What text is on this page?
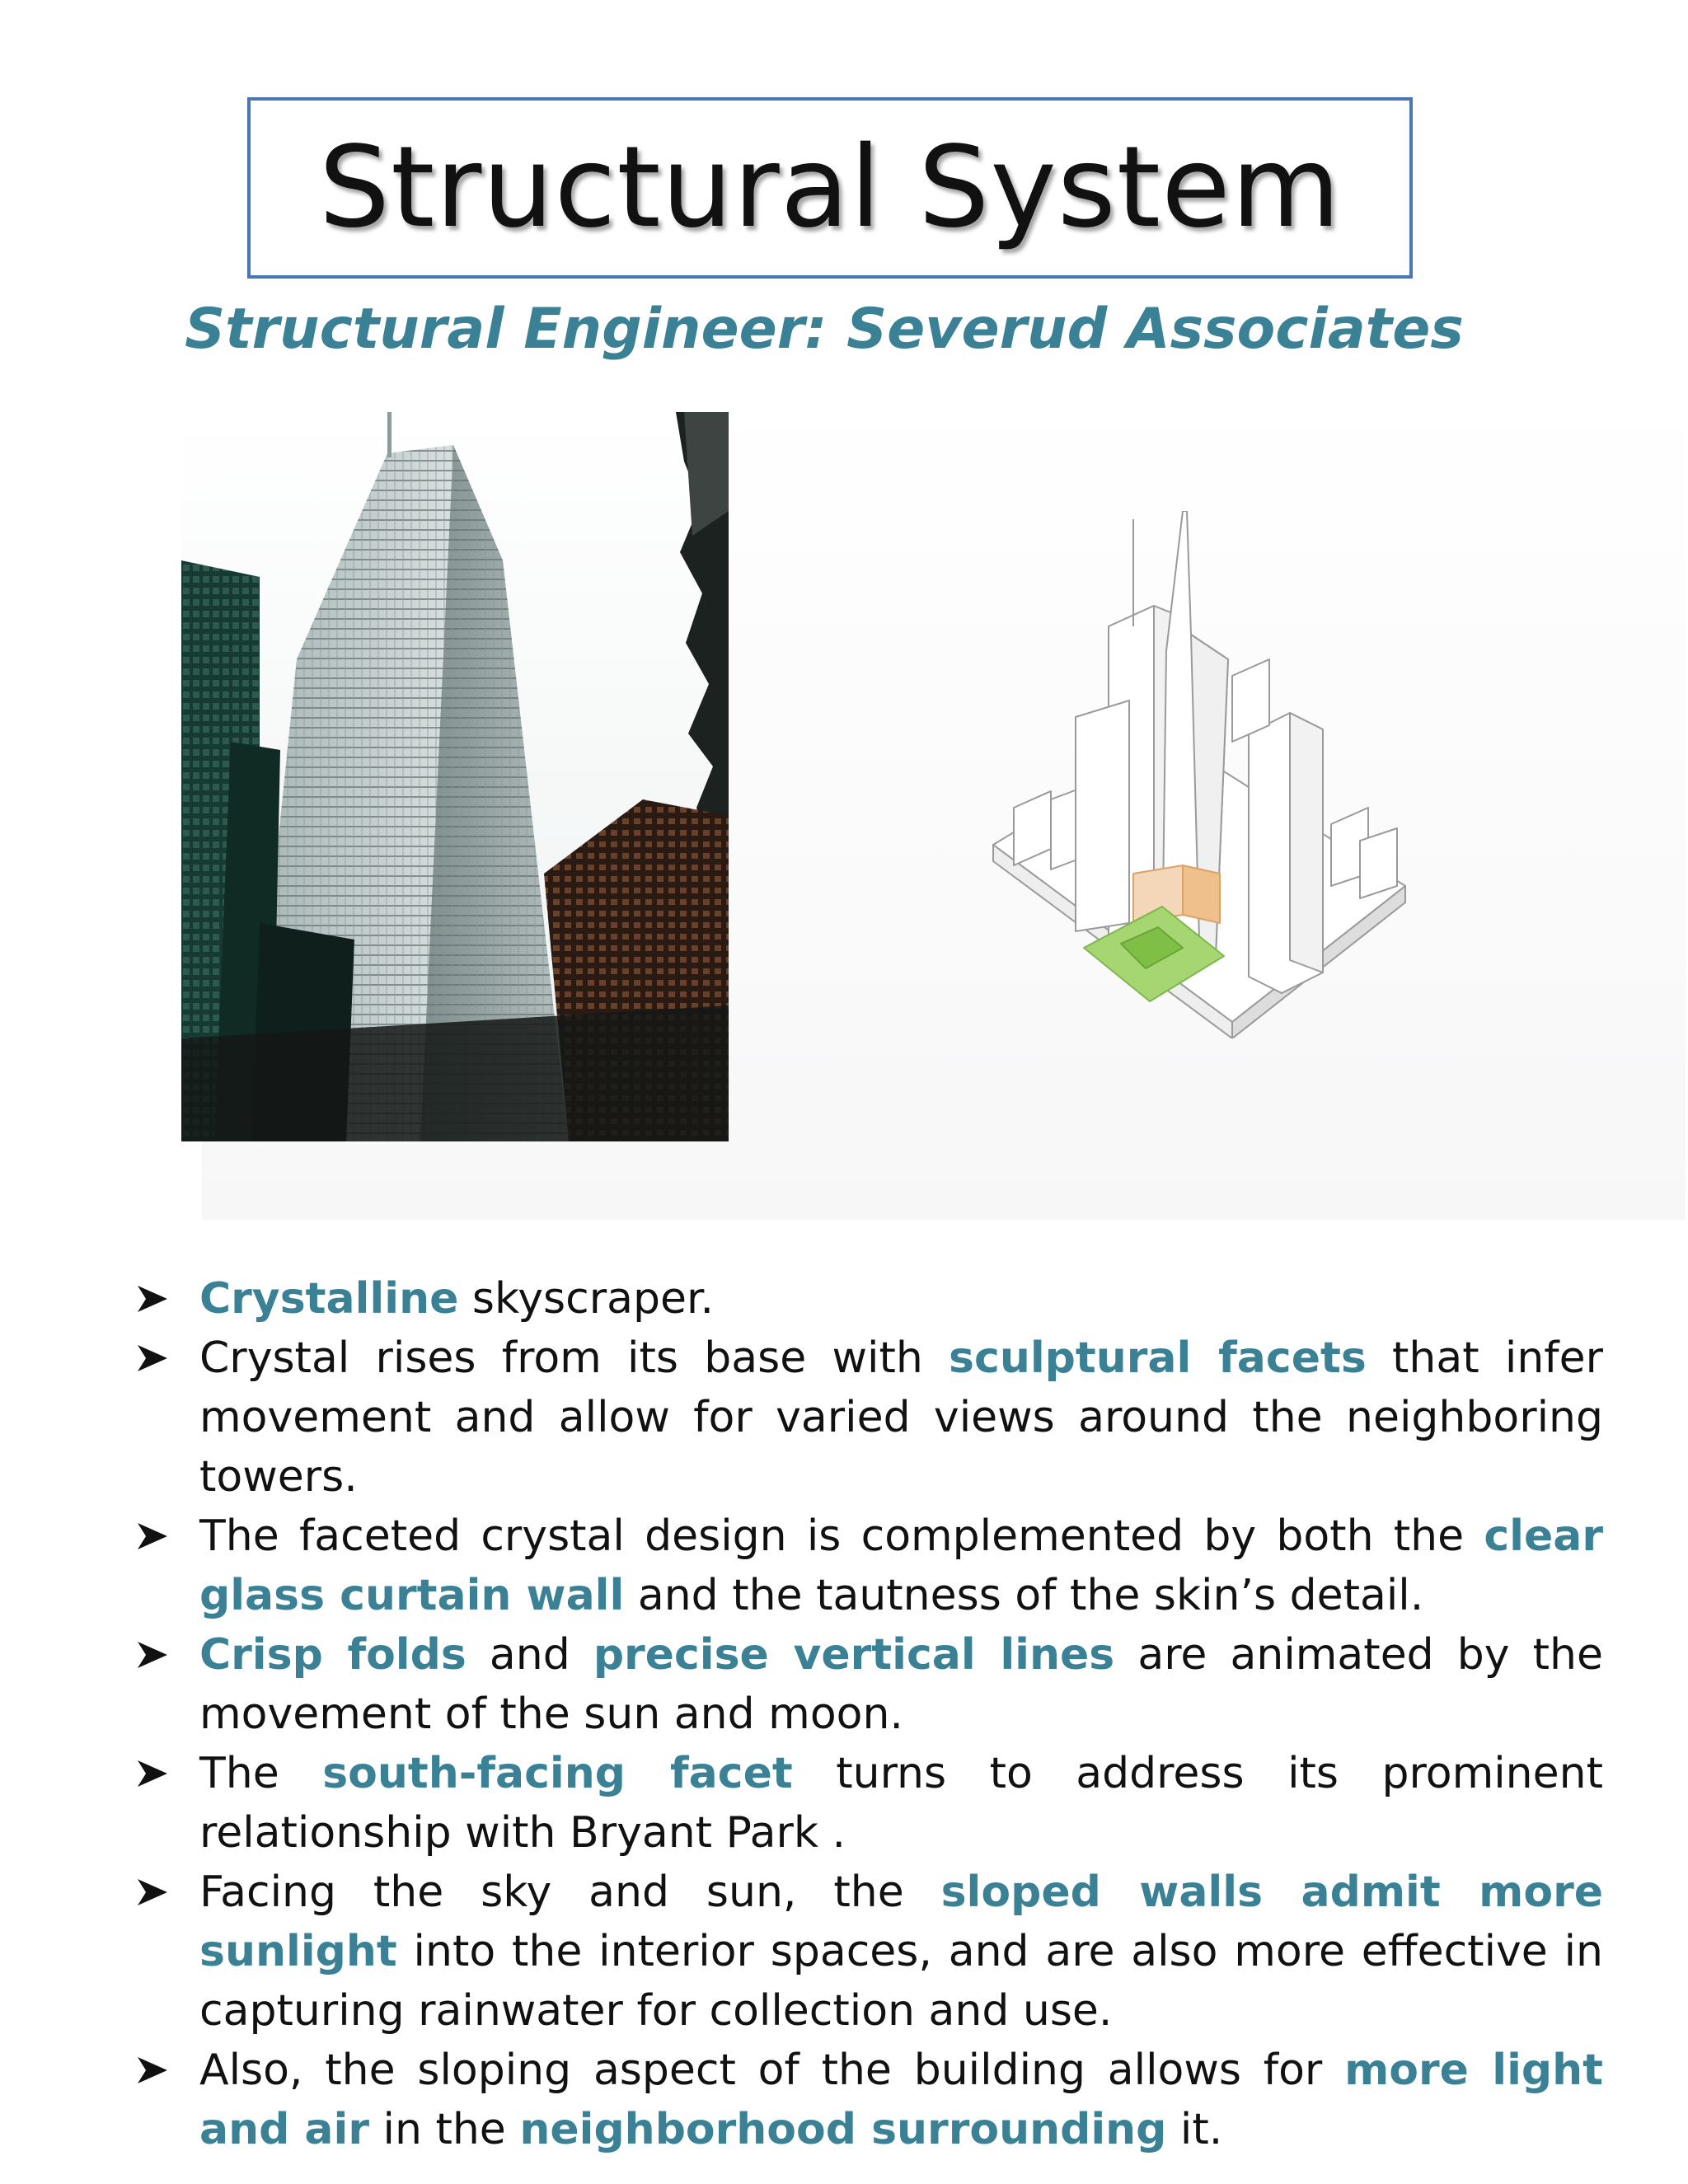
Structural System
Structural Engineer: Severud Associates
Crystalline skyscraper.
Crystal rises from its base with sculptural facets that infer movement and allow for varied views around the neighboring towers.
The faceted crystal design is complemented by both the clear glass curtain wall and the tautness of the skin’s detail.
Crisp folds and precise vertical lines are animated by the movement of the sun and moon.
The south-facing facet turns to address its prominent relationship with Bryant Park .
Facing the sky and sun, the sloped walls admit more sunlight into the interior spaces, and are also more effective in capturing rainwater for collection and use.
Also, the sloping aspect of the building allows for more light and air in the neighborhood surrounding it.
